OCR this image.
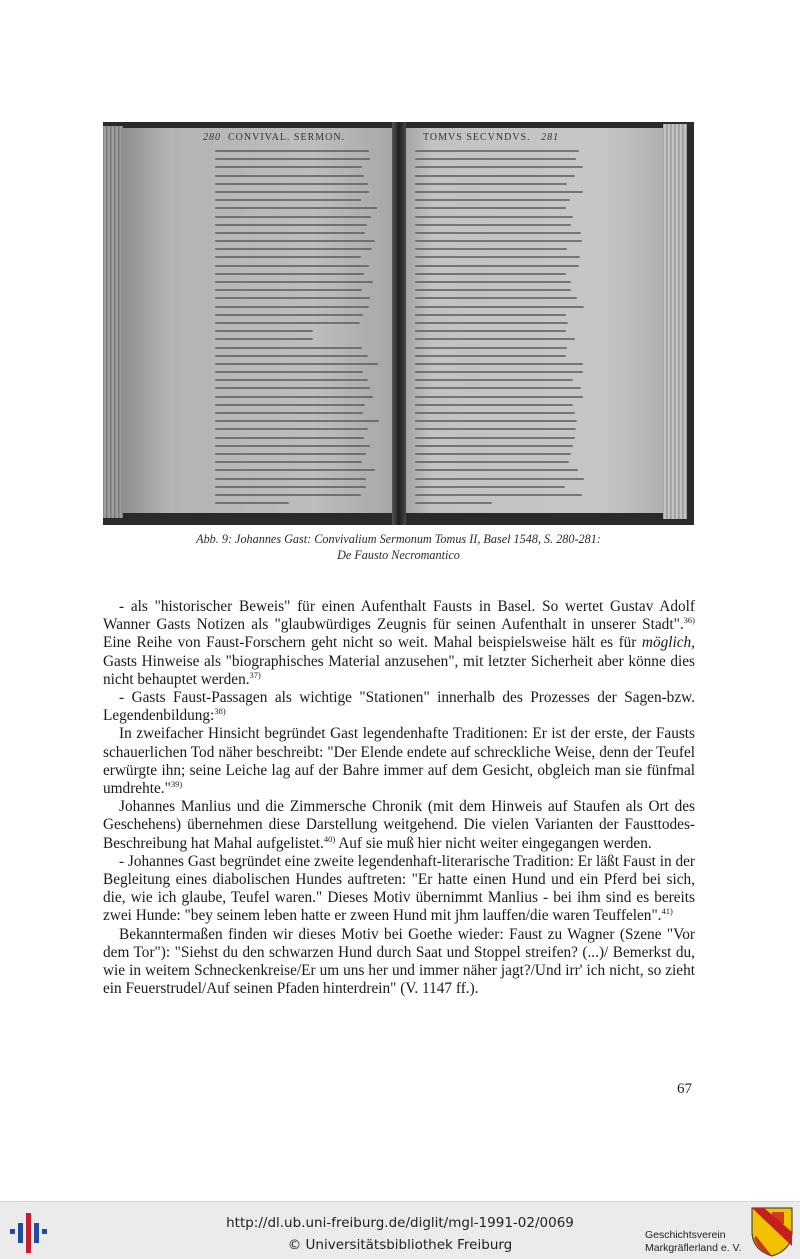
280 CONVIVAL. SERMON.	TOMVS SECVNDVS. 281
Abb. 9: Johannes Gast: Convivalium Sermonum Tomus II, Basel 1548, S. 280-281:
De Fausto Necromantico

- als "historischer Beweis" für einen Aufenthalt Fausts in Basel. So wertet Gustav Adolf Wanner Gasts Notizen als "glaubwürdiges Zeugnis für seinen Aufenthalt in unserer Stadt".$^{36)}$ Eine Reihe von Faust-Forschern geht nicht so weit. Mahal beispielsweise hält es für möglich, Gasts Hinweise als "biographisches Material anzusehen", mit letzter Sicherheit aber könne dies nicht behauptet werden.$^{37)}$

- Gasts Faust-Passagen als wichtige "Stationen" innerhalb des Prozesses der Sagen-bzw. Legendenbildung:$^{38)}$

In zweifacher Hinsicht begründet Gast legendenhafte Traditionen: Er ist der erste, der Fausts schauerlichen Tod näher beschreibt: "Der Elende endete auf schreckliche Weise, denn der Teufel erwürgte ihn; seine Leiche lag auf der Bahre immer auf dem Gesicht, obgleich man sie fünfmal umdrehte."$^{39)}$

Johannes Manlius und die Zimmersche Chronik (mit dem Hinweis auf Staufen als Ort des Geschehens) übernehmen diese Darstellung weitgehend. Die vielen Varianten der Fausttodes-Beschreibung hat Mahal aufgelistet.$^{40)}$ Auf sie muß hier nicht weiter eingegangen werden.

- Johannes Gast begründet eine zweite legendenhaft-literarische Tradition: Er läßt Faust in der Begleitung eines diabolischen Hundes auftreten: "Er hatte einen Hund und ein Pferd bei sich, die, wie ich glaube, Teufel waren." Dieses Motiv übernimmt Manlius - bei ihm sind es bereits zwei Hunde: "bey seinem leben hatte er zween Hund mit jhm lauffen/die waren Teuffelen".$^{41)}$

Bekanntermaßen finden wir dieses Motiv bei Goethe wieder: Faust zu Wagner (Szene "Vor dem Tor"): "Siehst du den schwarzen Hund durch Saat und Stoppel streifen? (...)/ Bemerkst du, wie in weitem Schneckenkreise/Er um uns her und immer näher jagt?/Und irr' ich nicht, so zieht ein Feuerstrudel/Auf seinen Pfaden hinterdrein" (V. 1147 ff.).

67
http://dl.ub.uni-freiburg.de/diglit/mgl-1991-02/0069
© Universitätsbibliothek Freiburg
Geschichtsverein
Markgräflerland e. V.
